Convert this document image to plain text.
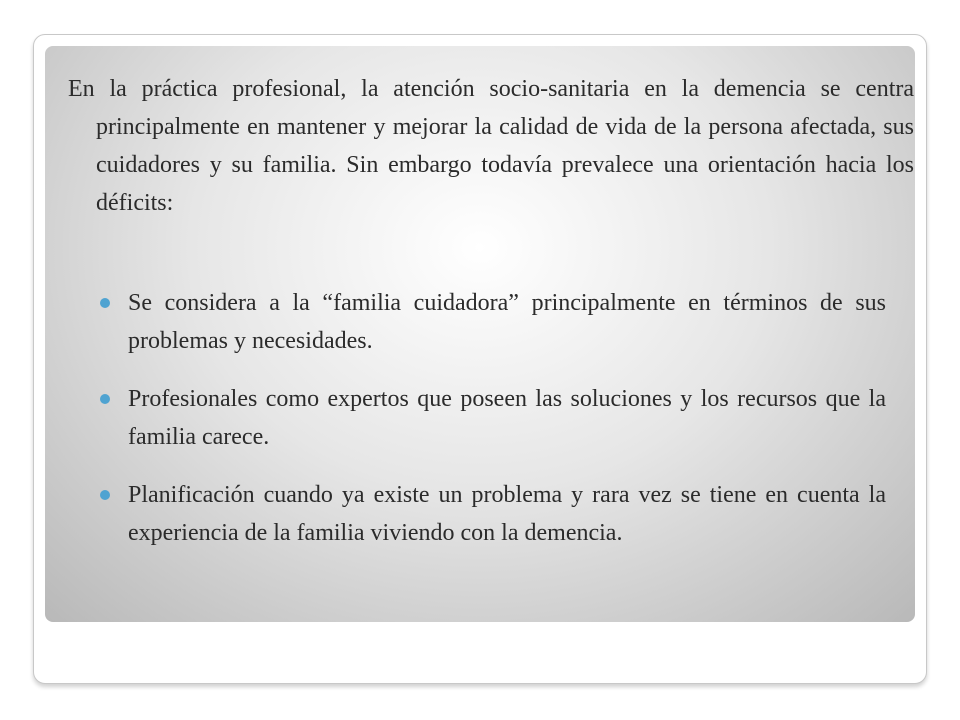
En la práctica profesional, la atención socio-sanitaria en la demencia se centra principalmente en mantener y mejorar la calidad de vida de la persona afectada, sus cuidadores y su familia. Sin embargo todavía prevalece una orientación hacia los déficits:

Se considera a la “familia cuidadora” principalmente en términos de sus problemas y necesidades.
Profesionales como expertos que poseen las soluciones y los recursos que la familia carece.
Planificación cuando ya existe un problema y rara vez se tiene en cuenta la experiencia de la familia viviendo con la demencia.
